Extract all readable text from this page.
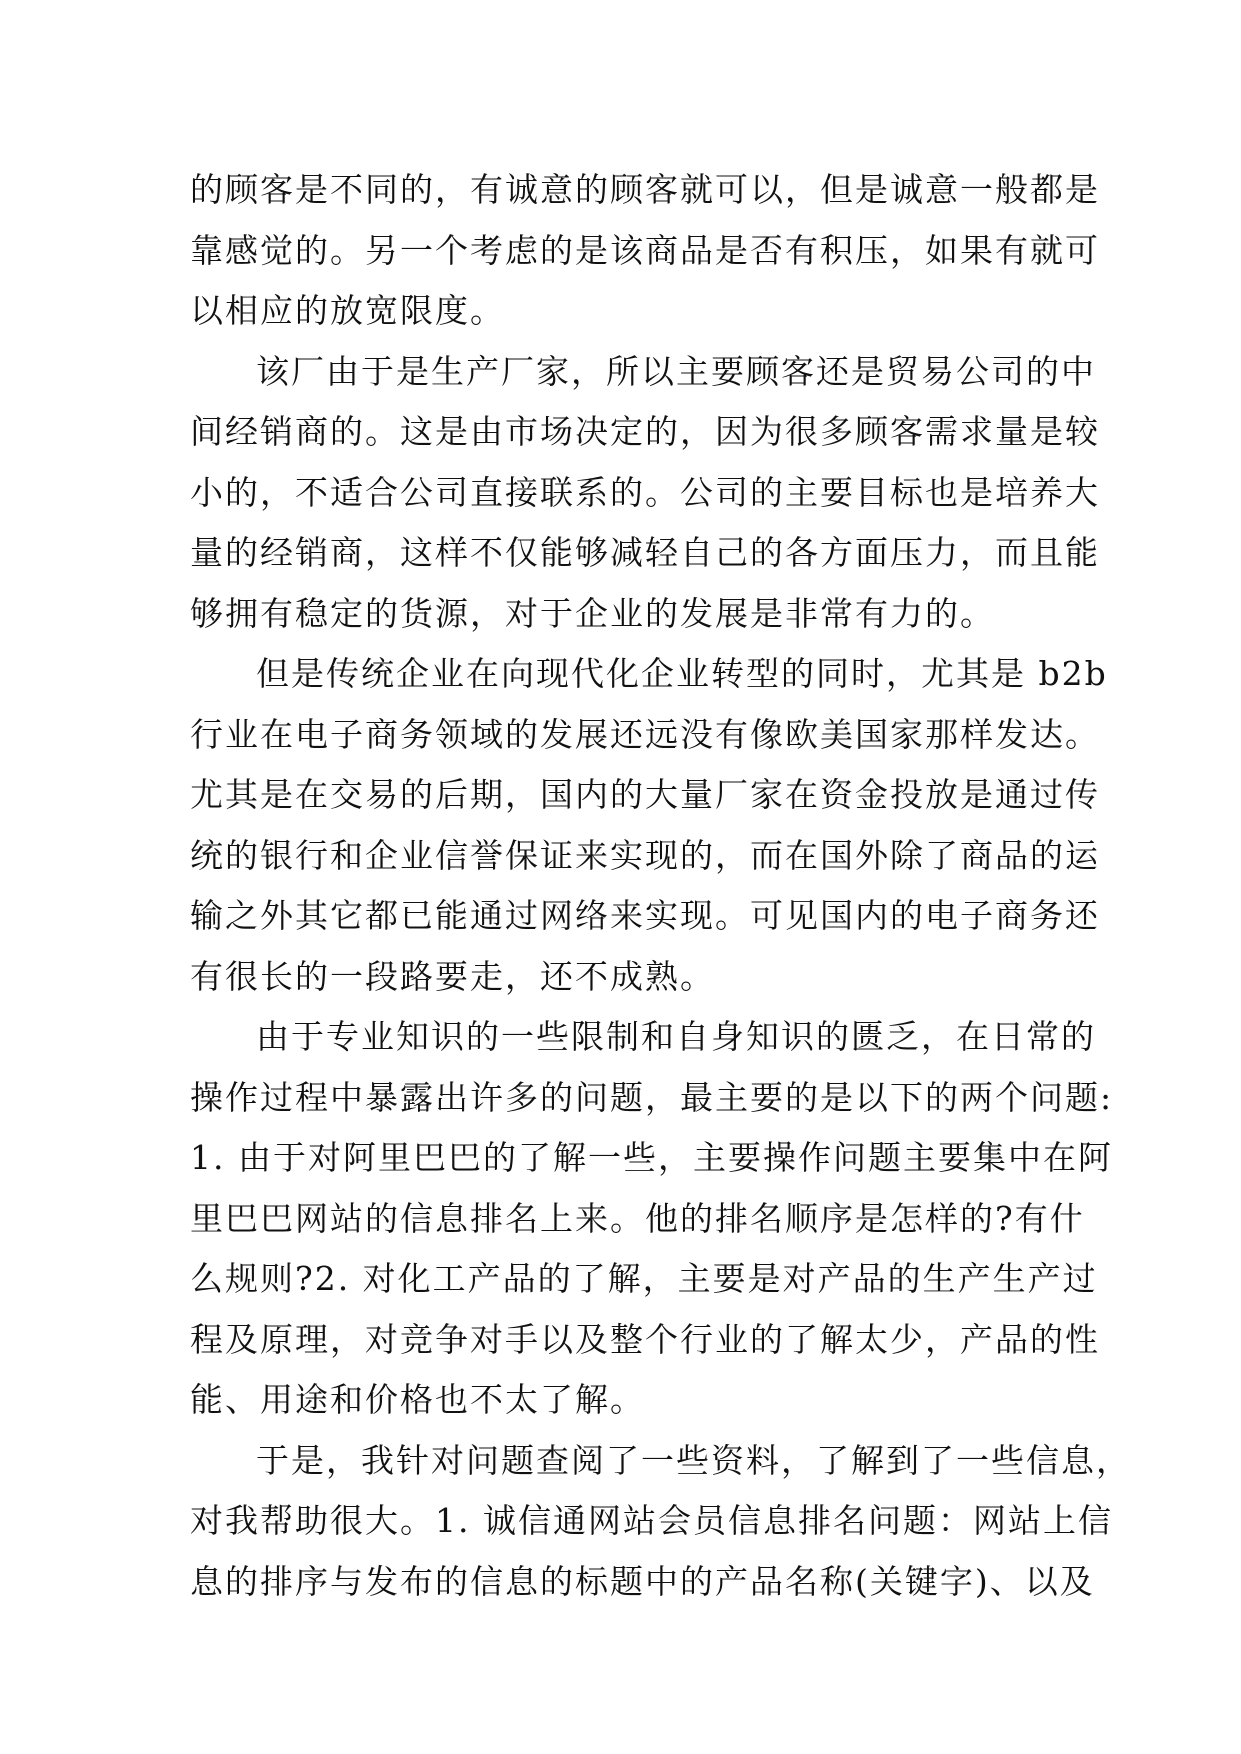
的顾客是不同的，有诚意的顾客就可以，但是诚意一般都是
靠感觉的。另一个考虑的是该商品是否有积压，如果有就可
以相应的放宽限度。
该厂由于是生产厂家，所以主要顾客还是贸易公司的中
间经销商的。这是由市场决定的，因为很多顾客需求量是较
小的，不适合公司直接联系的。公司的主要目标也是培养大
量的经销商，这样不仅能够减轻自己的各方面压力，而且能
够拥有稳定的货源，对于企业的发展是非常有力的。
但是传统企业在向现代化企业转型的同时，尤其是 b2b
行业在电子商务领域的发展还远没有像欧美国家那样发达。
尤其是在交易的后期，国内的大量厂家在资金投放是通过传
统的银行和企业信誉保证来实现的，而在国外除了商品的运
输之外其它都已能通过网络来实现。可见国内的电子商务还
有很长的一段路要走，还不成熟。
由于专业知识的一些限制和自身知识的匮乏，在日常的
操作过程中暴露出许多的问题，最主要的是以下的两个问题:
1. 由于对阿里巴巴的了解一些，主要操作问题主要集中在阿
里巴巴网站的信息排名上来。他的排名顺序是怎样的?有什
么规则?2. 对化工产品的了解，主要是对产品的生产生产过
程及原理，对竞争对手以及整个行业的了解太少，产品的性
能、用途和价格也不太了解。
于是，我针对问题查阅了一些资料，了解到了一些信息，
对我帮助很大。1. 诚信通网站会员信息排名问题：网站上信
息的排序与发布的信息的标题中的产品名称(关键字)、以及
